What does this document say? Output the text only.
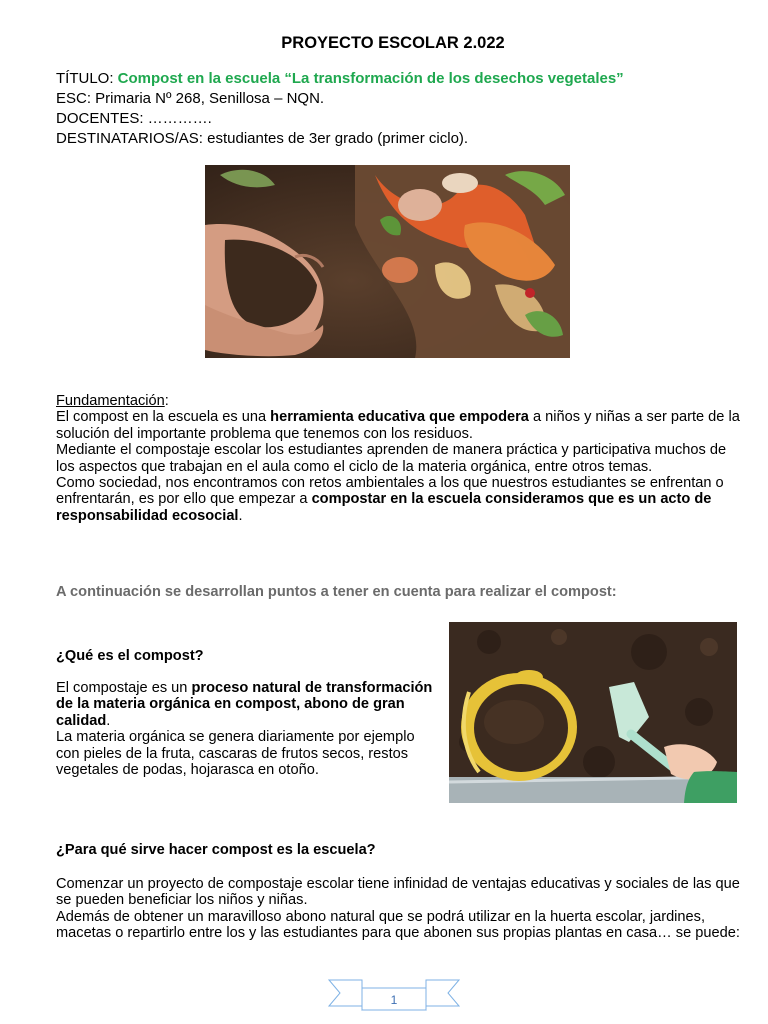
PROYECTO ESCOLAR 2.022
TÍTULO: Compost en la escuela “La transformación de los desechos vegetales”
ESC: Primaria Nº 268, Senillosa – NQN.
DOCENTES: ………….
DESTINATARIOS/AS: estudiantes de 3er grado (primer ciclo).
Fundamentación:
El compost en la escuela es una herramienta educativa que empodera a niños y niñas a ser parte de la solución del importante problema que tenemos con los residuos.
Mediante el compostaje escolar los estudiantes aprenden de manera práctica y participativa muchos de los aspectos que trabajan en el aula como el ciclo de la materia orgánica, entre otros temas.
Como sociedad, nos encontramos con retos ambientales a los que nuestros estudiantes se enfrentan o enfrentarán, es por ello que empezar a compostar en la escuela consideramos que es un acto de responsabilidad ecosocial.
A continuación se desarrollan puntos a tener en cuenta para realizar el compost:
¿Qué es el compost?
El compostaje es un proceso natural de transformación de la materia orgánica en compost, abono de gran calidad.
La materia orgánica se genera diariamente por ejemplo con pieles de la fruta, cascaras de frutos secos, restos vegetales de podas, hojarasca en otoño.
¿Para qué sirve hacer compost es la escuela?
Comenzar un proyecto de compostaje escolar tiene infinidad de ventajas educativas y sociales de las que se pueden beneficiar los niños y niñas.
Además de obtener un maravilloso abono natural que se podrá utilizar en la huerta escolar, jardines, macetas o repartirlo entre los y las estudiantes para que abonen sus propias plantas en casa… se puede:
1
